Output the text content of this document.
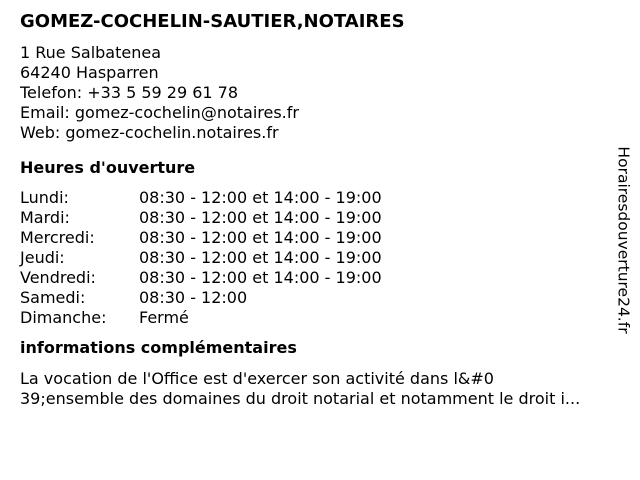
GOMEZ-COCHELIN-SAUTIER,NOTAIRES
1 Rue Salbatenea
64240 Hasparren
Telefon: +33 5 59 29 61 78
Email: gomez-cochelin@notaires.fr
Web: gomez-cochelin.notaires.fr
Heures d'ouverture
Lundi:	08:30 - 12:00 et 14:00 - 19:00
Mardi:	08:30 - 12:00 et 14:00 - 19:00
Mercredi:	08:30 - 12:00 et 14:00 - 19:00
Jeudi:	08:30 - 12:00 et 14:00 - 19:00
Vendredi:	08:30 - 12:00 et 14:00 - 19:00
Samedi:	08:30 - 12:00
Dimanche: Fermé
informations complémentaires
La vocation de l'Office est d'exercer son activité dans l&#0
39;ensemble des domaines du droit notarial et notamment le droit i...
Horairesdouverture24.fr
